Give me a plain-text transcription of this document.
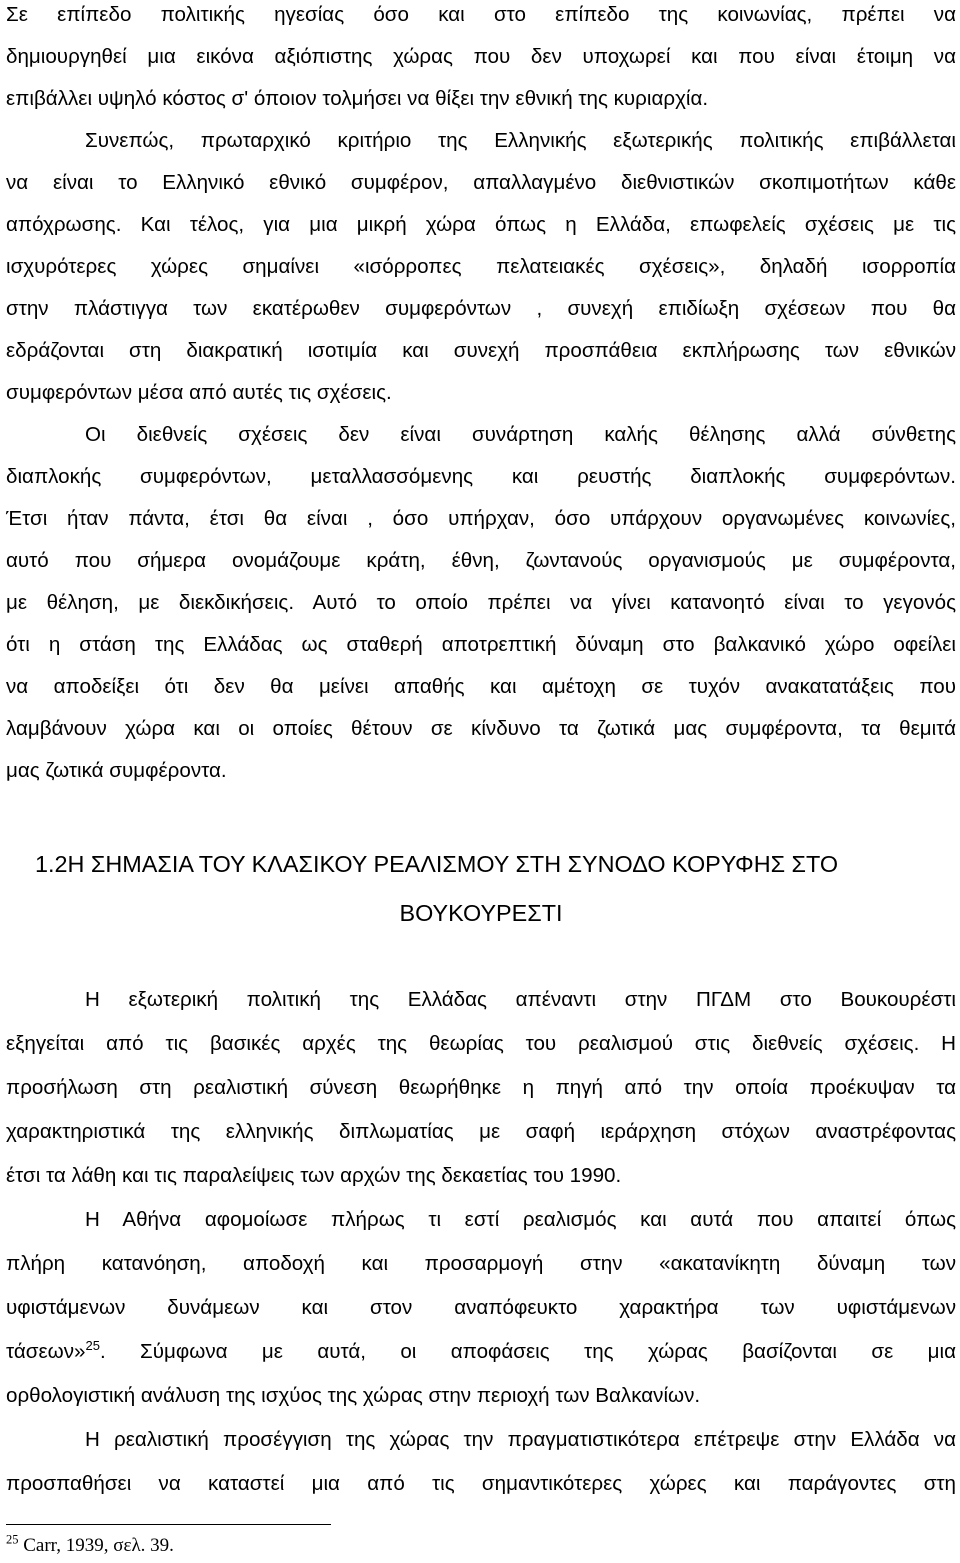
Σε επίπεδο πολιτικής ηγεσίας όσο και στο επίπεδο της κοινωνίας, πρέπει να
δημιουργηθεί μια εικόνα αξιόπιστης χώρας που δεν υποχωρεί και που είναι έτοιμη να
επιβάλλει υψηλό κόστος σ' όποιον τολμήσει να θίξει την εθνική της κυριαρχία.
Συνεπώς, πρωταρχικό κριτήριο της Ελληνικής εξωτερικής πολιτικής επιβάλλεται
να είναι το Ελληνικό εθνικό συμφέρον, απαλλαγμένο διεθνιστικών σκοπιμοτήτων κάθε
απόχρωσης. Και τέλος, για μια μικρή χώρα όπως η Ελλάδα, επωφελείς σχέσεις με τις
ισχυρότερες χώρες σημαίνει «ισόρροπες πελατειακές σχέσεις», δηλαδή ισορροπία
στην πλάστιγγα των εκατέρωθεν συμφερόντων , συνεχή επιδίωξη σχέσεων που θα
εδράζονται στη διακρατική ισοτιμία και συνεχή προσπάθεια εκπλήρωσης των εθνικών
συμφερόντων μέσα από αυτές τις σχέσεις.
Οι διεθνείς σχέσεις δεν είναι συνάρτηση καλής θέλησης αλλά σύνθετης
διαπλοκής συμφερόντων, μεταλλασσόμενης και ρευστής διαπλοκής συμφερόντων.
Έτσι ήταν πάντα, έτσι θα είναι , όσο υπήρχαν, όσο υπάρχουν οργανωμένες κοινωνίες,
αυτό που σήμερα ονομάζουμε κράτη, έθνη, ζωντανούς οργανισμούς με συμφέροντα,
με θέληση, με διεκδικήσεις. Αυτό το οποίο πρέπει να γίνει κατανοητό είναι το γεγονός
ότι η στάση της Ελλάδας ως σταθερή αποτρεπτική δύναμη στο βαλκανικό χώρο οφείλει
να αποδείξει ότι δεν θα μείνει απαθής και αμέτοχη σε τυχόν ανακατατάξεις που
λαμβάνουν χώρα και οι οποίες θέτουν σε κίνδυνο τα ζωτικά μας συμφέροντα, τα θεμιτά
μας ζωτικά συμφέροντα.
1.2Η ΣΗΜΑΣΙΑ ΤΟΥ ΚΛΑΣΙΚΟΥ ΡΕΑΛΙΣΜΟΥ ΣΤΗ ΣΥΝΟΔΟ ΚΟΡΥΦΗΣ ΣΤΟ
ΒΟΥΚΟΥΡΕΣΤΙ
Η εξωτερική πολιτική της Ελλάδας απέναντι στην ΠΓΔΜ στο Βουκουρέστι
εξηγείται από τις βασικές αρχές της θεωρίας του ρεαλισμού στις διεθνείς σχέσεις. Η
προσήλωση στη ρεαλιστική σύνεση θεωρήθηκε η πηγή από την οποία προέκυψαν τα
χαρακτηριστικά της ελληνικής διπλωματίας με σαφή ιεράρχηση στόχων αναστρέφοντας
έτσι τα λάθη και τις παραλείψεις των αρχών της δεκαετίας του 1990.
Η Αθήνα αφομοίωσε πλήρως τι εστί ρεαλισμός και αυτά που απαιτεί όπως
πλήρη κατανόηση, αποδοχή και προσαρμογή στην «ακατανίκητη δύναμη των
υφιστάμενων δυνάμεων και στον αναπόφευκτο χαρακτήρα των υφιστάμενων
τάσεων»$^{25}$. Σύμφωνα με αυτά, οι αποφάσεις της χώρας βασίζονται σε μια
ορθολογιστική ανάλυση της ισχύος της χώρας στην περιοχή των Βαλκανίων.
Η ρεαλιστική προσέγγιση της χώρας την πραγματιστικότερα επέτρεψε στην Ελλάδα να
προσπαθήσει να καταστεί μια από τις σημαντικότερες χώρες και παράγοντες στη
$^{25}$ Carr, 1939, σελ. 39.
